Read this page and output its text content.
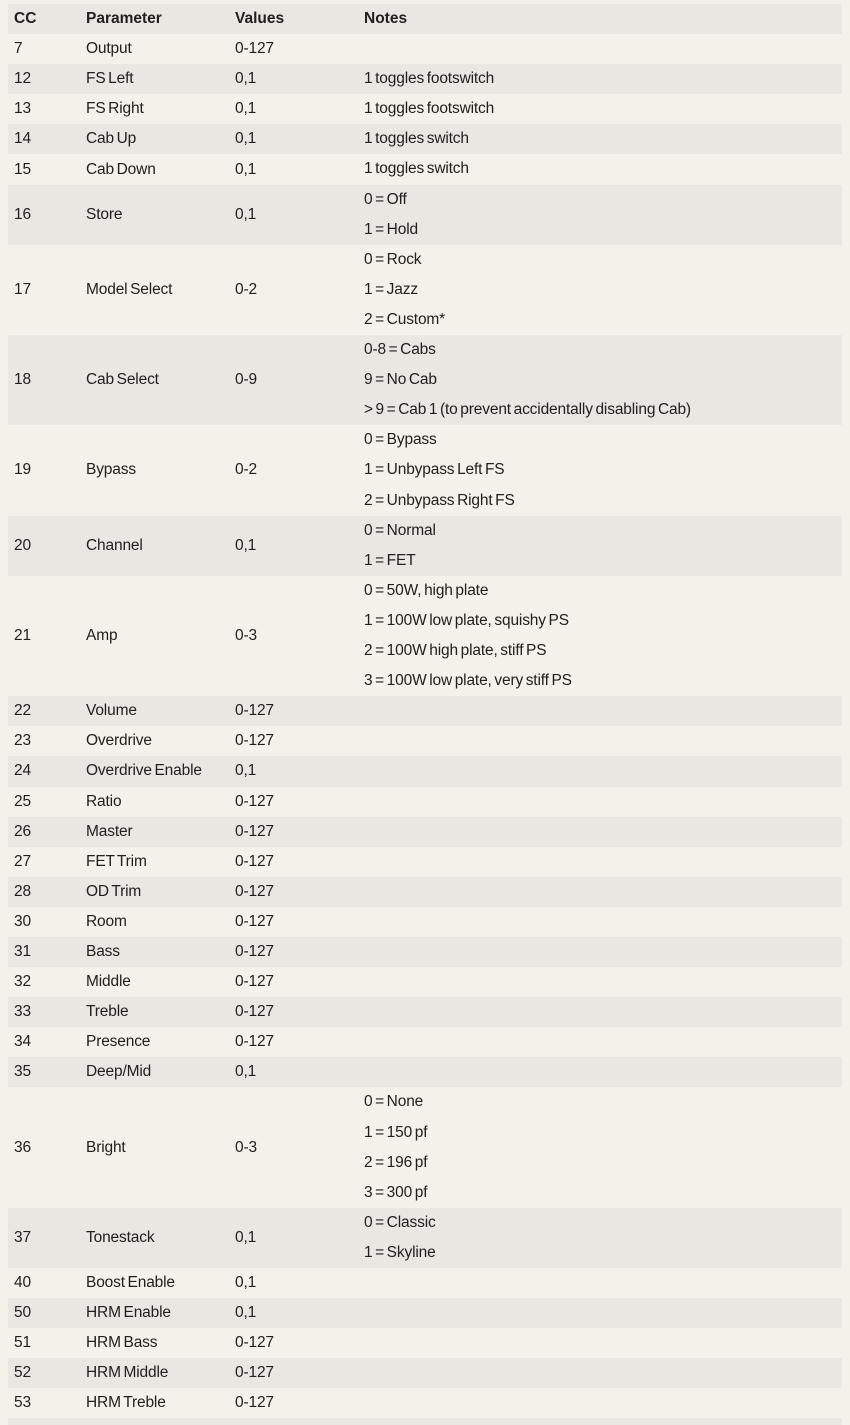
CC	Parameter	Values	Notes
7	Output	0-127
12	FS Left	0,1	1 toggles footswitch
13	FS Right	0,1	1 toggles footswitch
14	Cab Up	0,1	1 toggles switch
15	Cab Down	0,1	1 toggles switch
16	Store	0,1
0 = Off
1 = Hold
17	Model Select	0-2
0 = Rock
1 = Jazz
2 = Custom*
18	Cab Select	0-9
0-8 = Cabs
9 = No Cab
> 9 = Cab 1 (to prevent accidentally disabling Cab)
19	Bypass	0-2
0 = Bypass
1 = Unbypass Left FS
2 = Unbypass Right FS
20	Channel	0,1
0 = Normal
1 = FET
21	Amp	0-3
0 = 50W, high plate
1 = 100W low plate, squishy PS
2 = 100W high plate, stiff PS
3 = 100W low plate, very stiff PS
22	Volume	0-127
23	Overdrive	0-127
24	Overdrive Enable	0,1
25	Ratio	0-127
26	Master	0-127
27	FET Trim	0-127
28	OD Trim	0-127
30	Room	0-127
31	Bass	0-127
32	Middle	0-127
33	Treble	0-127
34	Presence	0-127
35	Deep/Mid	0,1
36	Bright	0-3
0 = None
1 = 150 pf
2 = 196 pf
3 = 300 pf
37	Tonestack	0,1
0 = Classic
1 = Skyline
40	Boost Enable	0,1
50	HRM Enable	0,1
51	HRM Bass	0-127
52	HRM Middle	0-127
53	HRM Treble	0-127
